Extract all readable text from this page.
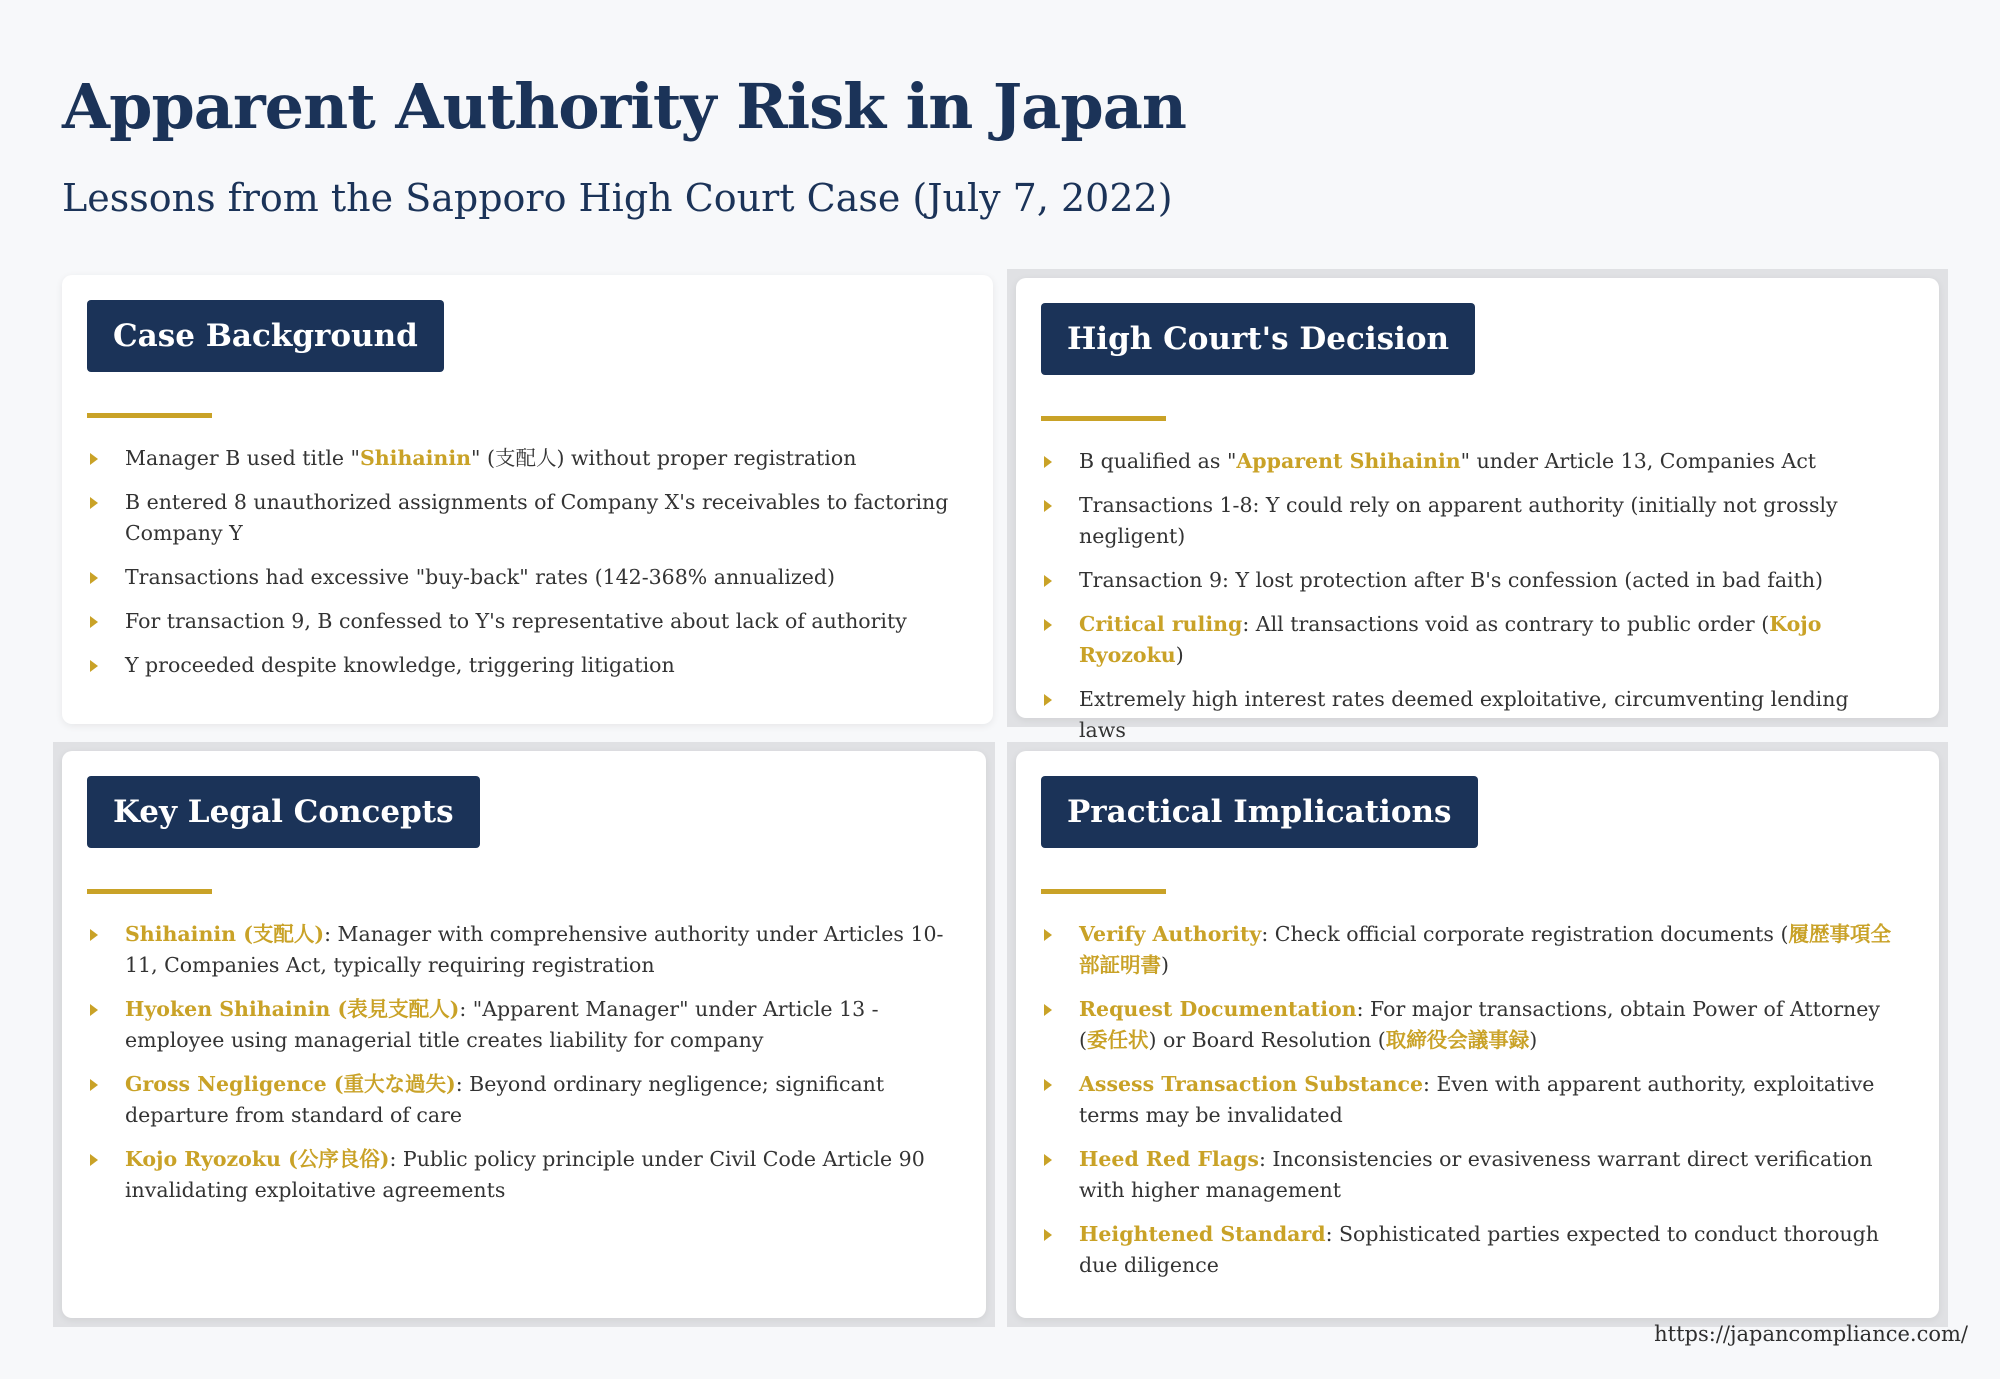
Apparent Authority Risk in Japan
Lessons from the Sapporo High Court Case (July 7, 2022)
Case Background
Manager B used title "Shihainin" (支配人) without proper registration
B entered 8 unauthorized assignments of Company X's receivables to factoring Company Y
Transactions had excessive "buy-back" rates (142-368% annualized)
For transaction 9, B confessed to Y's representative about lack of authority
Y proceeded despite knowledge, triggering litigation
High Court's Decision
B qualified as "Apparent Shihainin" under Article 13, Companies Act
Transactions 1-8: Y could rely on apparent authority (initially not grossly negligent)
Transaction 9: Y lost protection after B's confession (acted in bad faith)
Critical ruling: All transactions void as contrary to public order (Kojo Ryozoku)
Extremely high interest rates deemed exploitative, circumventing lending laws
Key Legal Concepts
Shihainin (支配人): Manager with comprehensive authority under Articles 10-11, Companies Act, typically requiring registration
Hyoken Shihainin (表見支配人): "Apparent Manager" under Article 13 - employee using managerial title creates liability for company
Gross Negligence (重大な過失): Beyond ordinary negligence; significant departure from standard of care
Kojo Ryozoku (公序良俗): Public policy principle under Civil Code Article 90 invalidating exploitative agreements
Practical Implications
Verify Authority: Check official corporate registration documents (履歴事項全部証明書)
Request Documentation: For major transactions, obtain Power of Attorney (委任状) or Board Resolution (取締役会議事録)
Assess Transaction Substance: Even with apparent authority, exploitative terms may be invalidated
Heed Red Flags: Inconsistencies or evasiveness warrant direct verification with higher management
Heightened Standard: Sophisticated parties expected to conduct thorough due diligence
https://japancompliance.com/
